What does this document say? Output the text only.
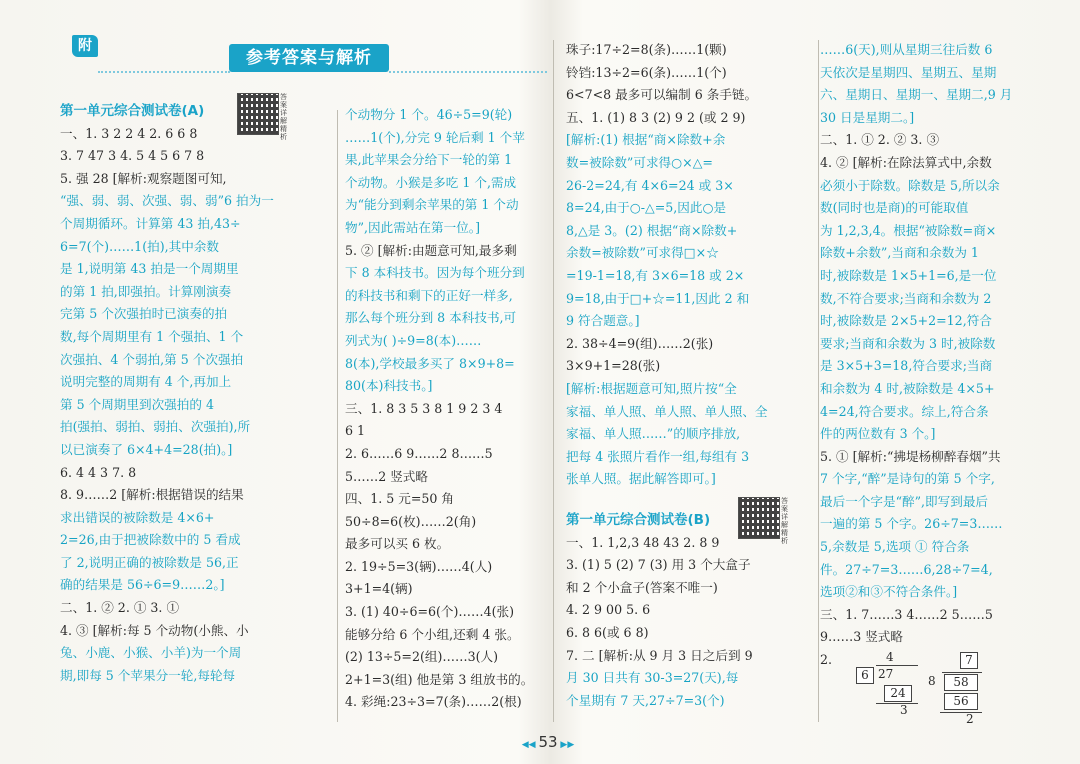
附
参考答案与解析
答案详解精析
答案详解精析

第一单元综合测试卷(A)

一、1. 3 2 2 4 2. 6 6 8

3. 7 47 3 4. 5 4 5 6 7 8

5. 强 28 [解析:观察题图可知,

“强、弱、弱、次强、弱、弱”6 拍为一

个周期循环。计算第 43 拍,43÷

6=7(个)……1(拍),其中余数

是 1,说明第 43 拍是一个周期里

的第 1 拍,即强拍。计算刚演奏

完第 5 个次强拍时已演奏的拍

数,每个周期里有 1 个强拍、1 个

次强拍、4 个弱拍,第 5 个次强拍

说明完整的周期有 4 个,再加上

第 5 个周期里到次强拍的 4

拍(强拍、弱拍、弱拍、次强拍),所

以已演奏了 6×4+4=28(拍)。]

6. 4 4 3 7. 8

8. 9……2 [解析:根据错误的结果

求出错误的被除数是 4×6+

2=26,由于把被除数中的 5 看成

了 2,说明正确的被除数是 56,正

确的结果是 56÷6=9……2。]

二、1. ② 2. ① 3. ①

4. ③ [解析:每 5 个动物(小熊、小

兔、小鹿、小猴、小羊)为一个周

期,即每 5 个苹果分一轮,每轮每

个动物分 1 个。46÷5=9(轮)

……1(个),分完 9 轮后剩 1 个苹

果,此苹果会分给下一轮的第 1

个动物。小猴是多吃 1 个,需成

为“能分到剩余苹果的第 1 个动

物”,因此需站在第一位。]

5. ② [解析:由题意可知,最多剩

下 8 本科技书。因为每个班分到

的科技书和剩下的正好一样多,

那么每个班分到 8 本科技书,可

列式为( )÷9=8(本)……

8(本),学校最多买了 8×9+8=

80(本)科技书。]

三、1. 8 3 5 3 8 1 9 2 3 4

6 1

2. 6……6 9……2 8……5

5……2 竖式略

四、1. 5 元=50 角

50÷8=6(枚)……2(角)

最多可以买 6 枚。

2. 19÷5=3(辆)……4(人)

3+1=4(辆)

3. (1) 40÷6=6(个)……4(张)

能够分给 6 个小组,还剩 4 张。

(2) 13÷5=2(组)……3(人)

2+1=3(组) 他是第 3 组放书的。

4. 彩绳:23÷3=7(条)……2(根)

珠子:17÷2=8(条)……1(颗)

铃铛:13÷2=6(条)……1(个)

6<7<8 最多可以编制 6 条手链。

五、1. (1) 8 3 (2) 9 2 (或 2 9)

[解析:(1) 根据“商×除数+余

数=被除数”可求得○×△=

26-2=24,有 4×6=24 或 3×

8=24,由于○-△=5,因此○是

8,△是 3。(2) 根据“商×除数+

余数=被除数”可求得□×☆

=19-1=18,有 3×6=18 或 2×

9=18,由于□+☆=11,因此 2 和

9 符合题意。]

2. 38÷4=9(组)……2(张)

3×9+1=28(张)

[解析:根据题意可知,照片按“全

家福、单人照、单人照、单人照、全

家福、单人照……”的顺序排放,

把每 4 张照片看作一组,每组有 3

张单人照。据此解答即可。]

第一单元综合测试卷(B)

一、1. 1,2,3 48 43 2. 8 9

3. (1) 5 (2) 7 (3) 用 3 个大盒子

和 2 个小盒子(答案不唯一)

4. 2 9 00 5. 6

6. 8 6(或 6 8)

7. 二 [解析:从 9 月 3 日之后到 9

月 30 日共有 30-3=27(天),每

个星期有 7 天,27÷7=3(个)

……6(天),则从星期三往后数 6

天依次是星期四、星期五、星期

六、星期日、星期一、星期二,9 月

30 日是星期二。]

二、1. ① 2. ② 3. ③

4. ② [解析:在除法算式中,余数

必须小于除数。除数是 5,所以余

数(同时也是商)的可能取值

为 1,2,3,4。根据“被除数=商×

除数+余数”,当商和余数为 1

时,被除数是 1×5+1=6,是一位

数,不符合要求;当商和余数为 2

时,被除数是 2×5+2=12,符合

要求;当商和余数为 3 时,被除数

是 3×5+3=18,符合要求;当商

和余数为 4 时,被除数是 4×5+

4=24,符合要求。综上,符合条

件的两位数有 3 个。]

5. ① [解析:“拂堤杨柳醉春烟”共

7 个字,“醉”是诗句的第 5 个字,

最后一个字是“醉”,即写到最后

一遍的第 5 个字。26÷7=3……

5,余数是 5,选项 ① 符合条

件。27÷7=3……6,28÷7=4,

选项②和③不符合条件。]

三、1. 7……3 4……2 5……5

9……3 竖式略

2.	4
6 27
24
3
7
8	58
56
2
◀◀ 53 ▶▶
